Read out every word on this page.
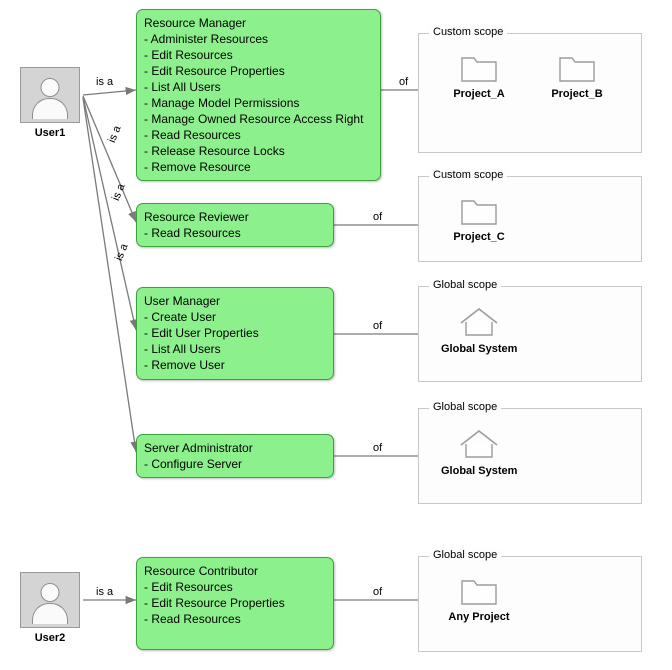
User1
User2
is a
is a
is a
is a
is a
of
of
of
of
of
Resource Manager
- Administer Resources
- Edit Resources
- Edit Resource Properties
- List All Users
- Manage Model Permissions
- Manage Owned Resource Access Right
- Read Resources
- Release Resource Locks
- Remove Resource
Resource Reviewer
- Read Resources
User Manager
- Create User
- Edit User Properties
- List All Users
- Remove User
Server Administrator
- Configure Server
Resource Contributor
- Edit Resources
- Edit Resource Properties
- Read Resources
Custom scope
Project_A	Project_B
Custom scope
Project_C
Global scope
Global System
Global scope
Global System
Global scope
Any Project
